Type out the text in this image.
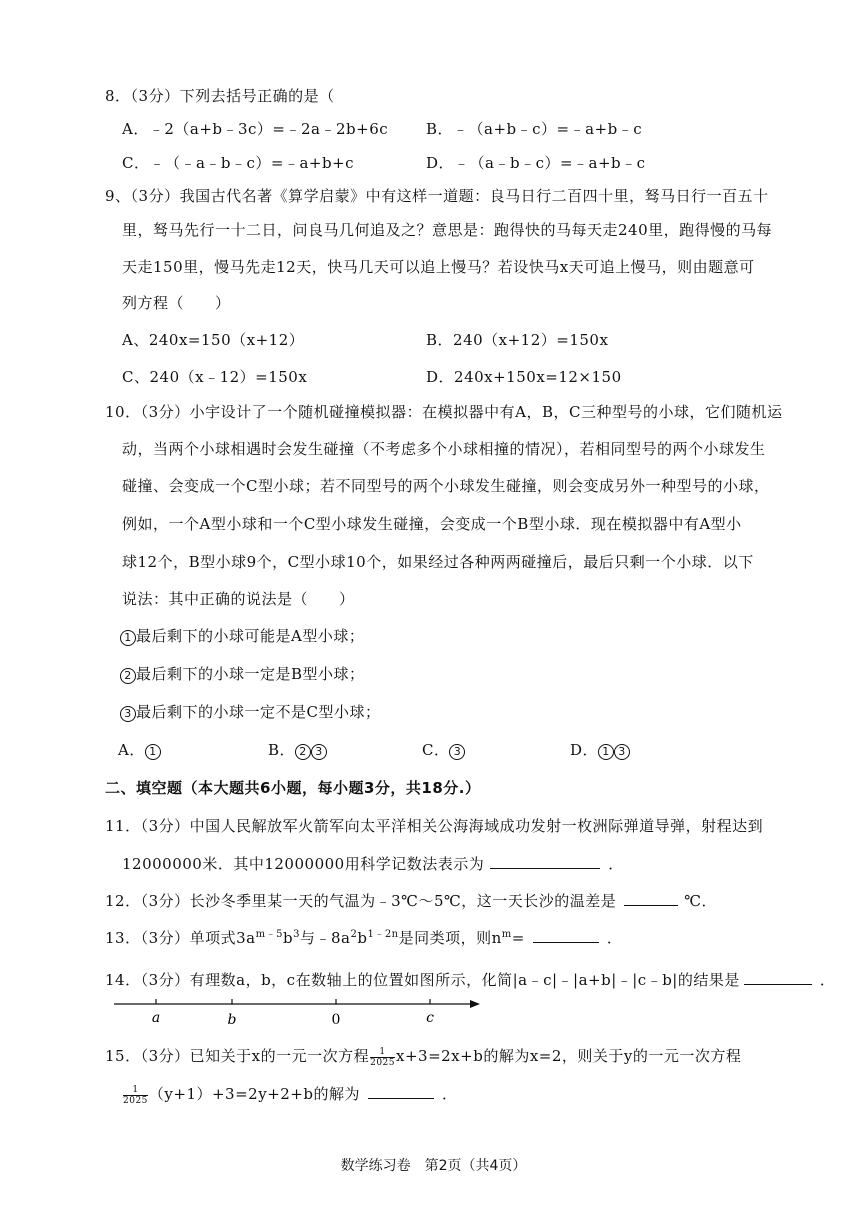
8．（3分）下列去括号正确的是（
A．﹣2（a+b﹣3c）=﹣2a﹣2b+6c	B．﹣（a+b﹣c）=﹣a+b﹣c
C．﹣（﹣a﹣b﹣c）=﹣a+b+c	D．﹣（a﹣b﹣c）=﹣a+b﹣c
9、（3分）我国古代名著《算学启蒙》中有这样一道题：良马日行二百四十里，驽马日行一百五十
里，驽马先行一十二日，问良马几何追及之？意思是：跑得快的马每天走240里，跑得慢的马每
天走150里，慢马先走12天，快马几天可以追上慢马？若设快马x天可追上慢马，则由题意可
列方程（　　）
A、240x=150（x+12）	B．240（x+12）=150x
C、240（x﹣12）=150x	D．240x+150x=12×150
10．（3分）小宇设计了一个随机碰撞模拟器：在模拟器中有A，B，C三种型号的小球，它们随机运
动，当两个小球相遇时会发生碰撞（不考虑多个小球相撞的情况），若相同型号的两个小球发生
碰撞、会变成一个C型小球；若不同型号的两个小球发生碰撞，则会变成另外一种型号的小球，
例如，一个A型小球和一个C型小球发生碰撞，会变成一个B型小球．现在模拟器中有A型小
球12个，B型小球9个，C型小球10个，如果经过各种两两碰撞后，最后只剩一个小球．以下
说法：其中正确的说法是（　　）
1 最后剩下的小球可能是A型小球；
2 最后剩下的小球一定是B型小球；
3 最后剩下的小球一定不是C型小球；
A． 1	B． 2 3	C． 3	D． 1 3
二、填空题（本大题共6小题，每小题3分，共18分.）
11．（3分）中国人民解放军火箭军向太平洋相关公海海域成功发射一枚洲际弹道导弹，射程达到
12000000米．其中12000000用科学记数法表示为	．
12．（3分）长沙冬季里某一天的气温为﹣3℃～5℃，这一天长沙的温差是	℃．
13．（3分）单项式$3a^{m﹣5}b^3$与$﹣8a^2b^{1﹣2n}$是同类项，则$n^m=$	．
14．（3分）有理数a，b，c在数轴上的位置如图所示，化简|a﹣c|﹣|a+b|﹣|c﹣b|的结果是	．
a	b	0	c
15．（3分）已知关于x的一元一次方程 $\frac{1}{2025} x+3=2x+b$的解为x=2，则关于y的一元一次方程
$\frac{1}{2025} (y+1)+3=2y+2+b$的解为	．
数学练习卷　第2页（共4页）
